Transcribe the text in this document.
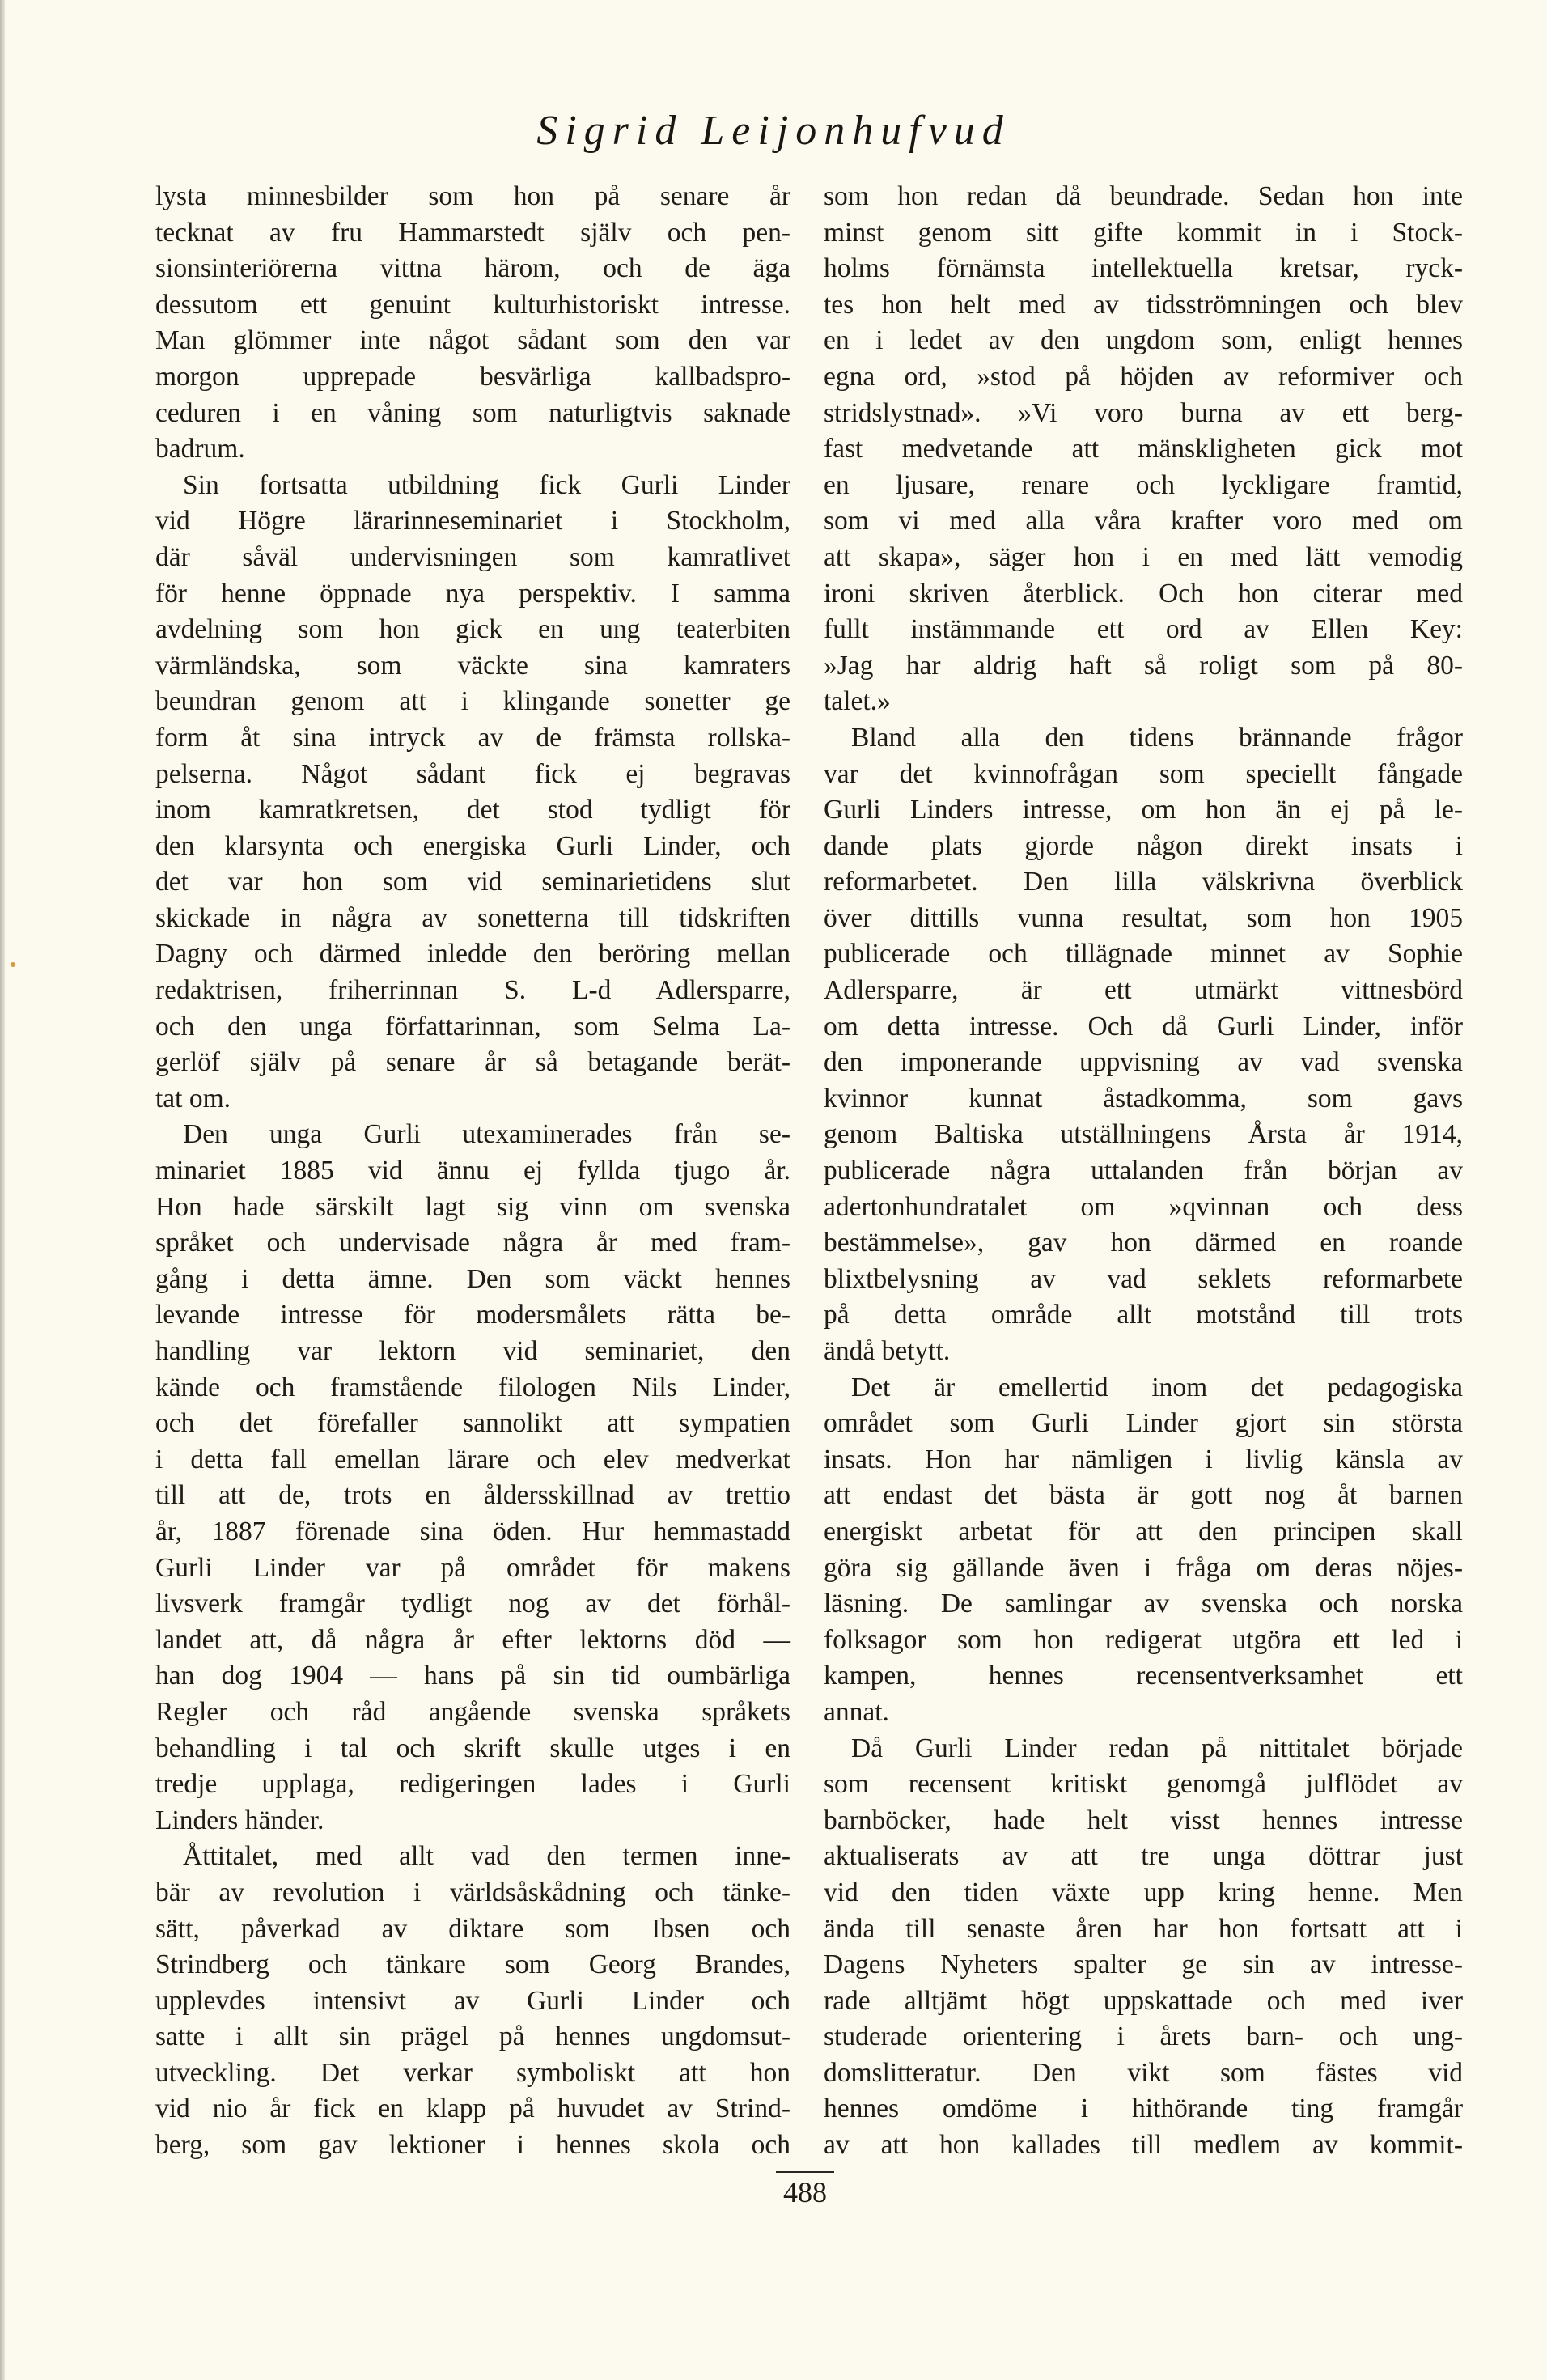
Sigrid Leijonhufvud
lysta minnesbilder som hon på senare år
tecknat av fru Hammarstedt själv och pen-
sionsinteriörerna vittna härom, och de äga
dessutom ett genuint kulturhistoriskt intresse.
Man glömmer inte något sådant som den var
morgon upprepade besvärliga kallbadspro-
ceduren i en våning som naturligtvis saknade
badrum.
Sin fortsatta utbildning fick Gurli Linder
vid Högre lärarinneseminariet i Stockholm,
där såväl undervisningen som kamratlivet
för henne öppnade nya perspektiv. I samma
avdelning som hon gick en ung teaterbiten
värmländska, som väckte sina kamraters
beundran genom att i klingande sonetter ge
form åt sina intryck av de främsta rollska-
pelserna. Något sådant fick ej begravas
inom kamratkretsen, det stod tydligt för
den klarsynta och energiska Gurli Linder, och
det var hon som vid seminarietidens slut
skickade in några av sonetterna till tidskriften
Dagny och därmed inledde den beröring mellan
redaktrisen, friherrinnan S. L-d Adlersparre,
och den unga författarinnan, som Selma La-
gerlöf själv på senare år så betagande berät-
tat om.
Den unga Gurli utexaminerades från se-
minariet 1885 vid ännu ej fyllda tjugo år.
Hon hade särskilt lagt sig vinn om svenska
språket och undervisade några år med fram-
gång i detta ämne. Den som väckt hennes
levande intresse för modersmålets rätta be-
handling var lektorn vid seminariet, den
kände och framstående filologen Nils Linder,
och det förefaller sannolikt att sympatien
i detta fall emellan lärare och elev medverkat
till att de, trots en åldersskillnad av trettio
år, 1887 förenade sina öden. Hur hemmastadd
Gurli Linder var på området för makens
livsverk framgår tydligt nog av det förhål-
landet att, då några år efter lektorns död —
han dog 1904 — hans på sin tid oumbärliga
Regler och råd angående svenska språkets
behandling i tal och skrift skulle utges i en
tredje upplaga, redigeringen lades i Gurli
Linders händer.
Åttitalet, med allt vad den termen inne-
bär av revolution i världsåskådning och tänke-
sätt, påverkad av diktare som Ibsen och
Strindberg och tänkare som Georg Brandes,
upplevdes intensivt av Gurli Linder och
satte i allt sin prägel på hennes ungdomsut-
utveckling. Det verkar symboliskt att hon
vid nio år fick en klapp på huvudet av Strind-
berg, som gav lektioner i hennes skola och
som hon redan då beundrade. Sedan hon inte
minst genom sitt gifte kommit in i Stock-
holms förnämsta intellektuella kretsar, ryck-
tes hon helt med av tidsströmningen och blev
en i ledet av den ungdom som, enligt hennes
egna ord, »stod på höjden av reformiver och
stridslystnad». »Vi voro burna av ett berg-
fast medvetande att mänskligheten gick mot
en ljusare, renare och lyckligare framtid,
som vi med alla våra krafter voro med om
att skapa», säger hon i en med lätt vemodig
ironi skriven återblick. Och hon citerar med
fullt instämmande ett ord av Ellen Key:
»Jag har aldrig haft så roligt som på 80-
talet.»
Bland alla den tidens brännande frågor
var det kvinnofrågan som speciellt fångade
Gurli Linders intresse, om hon än ej på le-
dande plats gjorde någon direkt insats i
reformarbetet. Den lilla välskrivna överblick
över dittills vunna resultat, som hon 1905
publicerade och tillägnade minnet av Sophie
Adlersparre, är ett utmärkt vittnesbörd
om detta intresse. Och då Gurli Linder, inför
den imponerande uppvisning av vad svenska
kvinnor kunnat åstadkomma, som gavs
genom Baltiska utställningens Årsta år 1914,
publicerade några uttalanden från början av
adertonhundratalet om »qvinnan och dess
bestämmelse», gav hon därmed en roande
blixtbelysning av vad seklets reformarbete
på detta område allt motstånd till trots
ändå betytt.
Det är emellertid inom det pedagogiska
området som Gurli Linder gjort sin största
insats. Hon har nämligen i livlig känsla av
att endast det bästa är gott nog åt barnen
energiskt arbetat för att den principen skall
göra sig gällande även i fråga om deras nöjes-
läsning. De samlingar av svenska och norska
folksagor som hon redigerat utgöra ett led i
kampen, hennes recensentverksamhet ett
annat.
Då Gurli Linder redan på nittitalet började
som recensent kritiskt genomgå julflödet av
barnböcker, hade helt visst hennes intresse
aktualiserats av att tre unga döttrar just
vid den tiden växte upp kring henne. Men
ända till senaste åren har hon fortsatt att i
Dagens Nyheters spalter ge sin av intresse-
rade alltjämt högt uppskattade och med iver
studerade orientering i årets barn- och ung-
domslitteratur. Den vikt som fästes vid
hennes omdöme i hithörande ting framgår
av att hon kallades till medlem av kommit-
488
